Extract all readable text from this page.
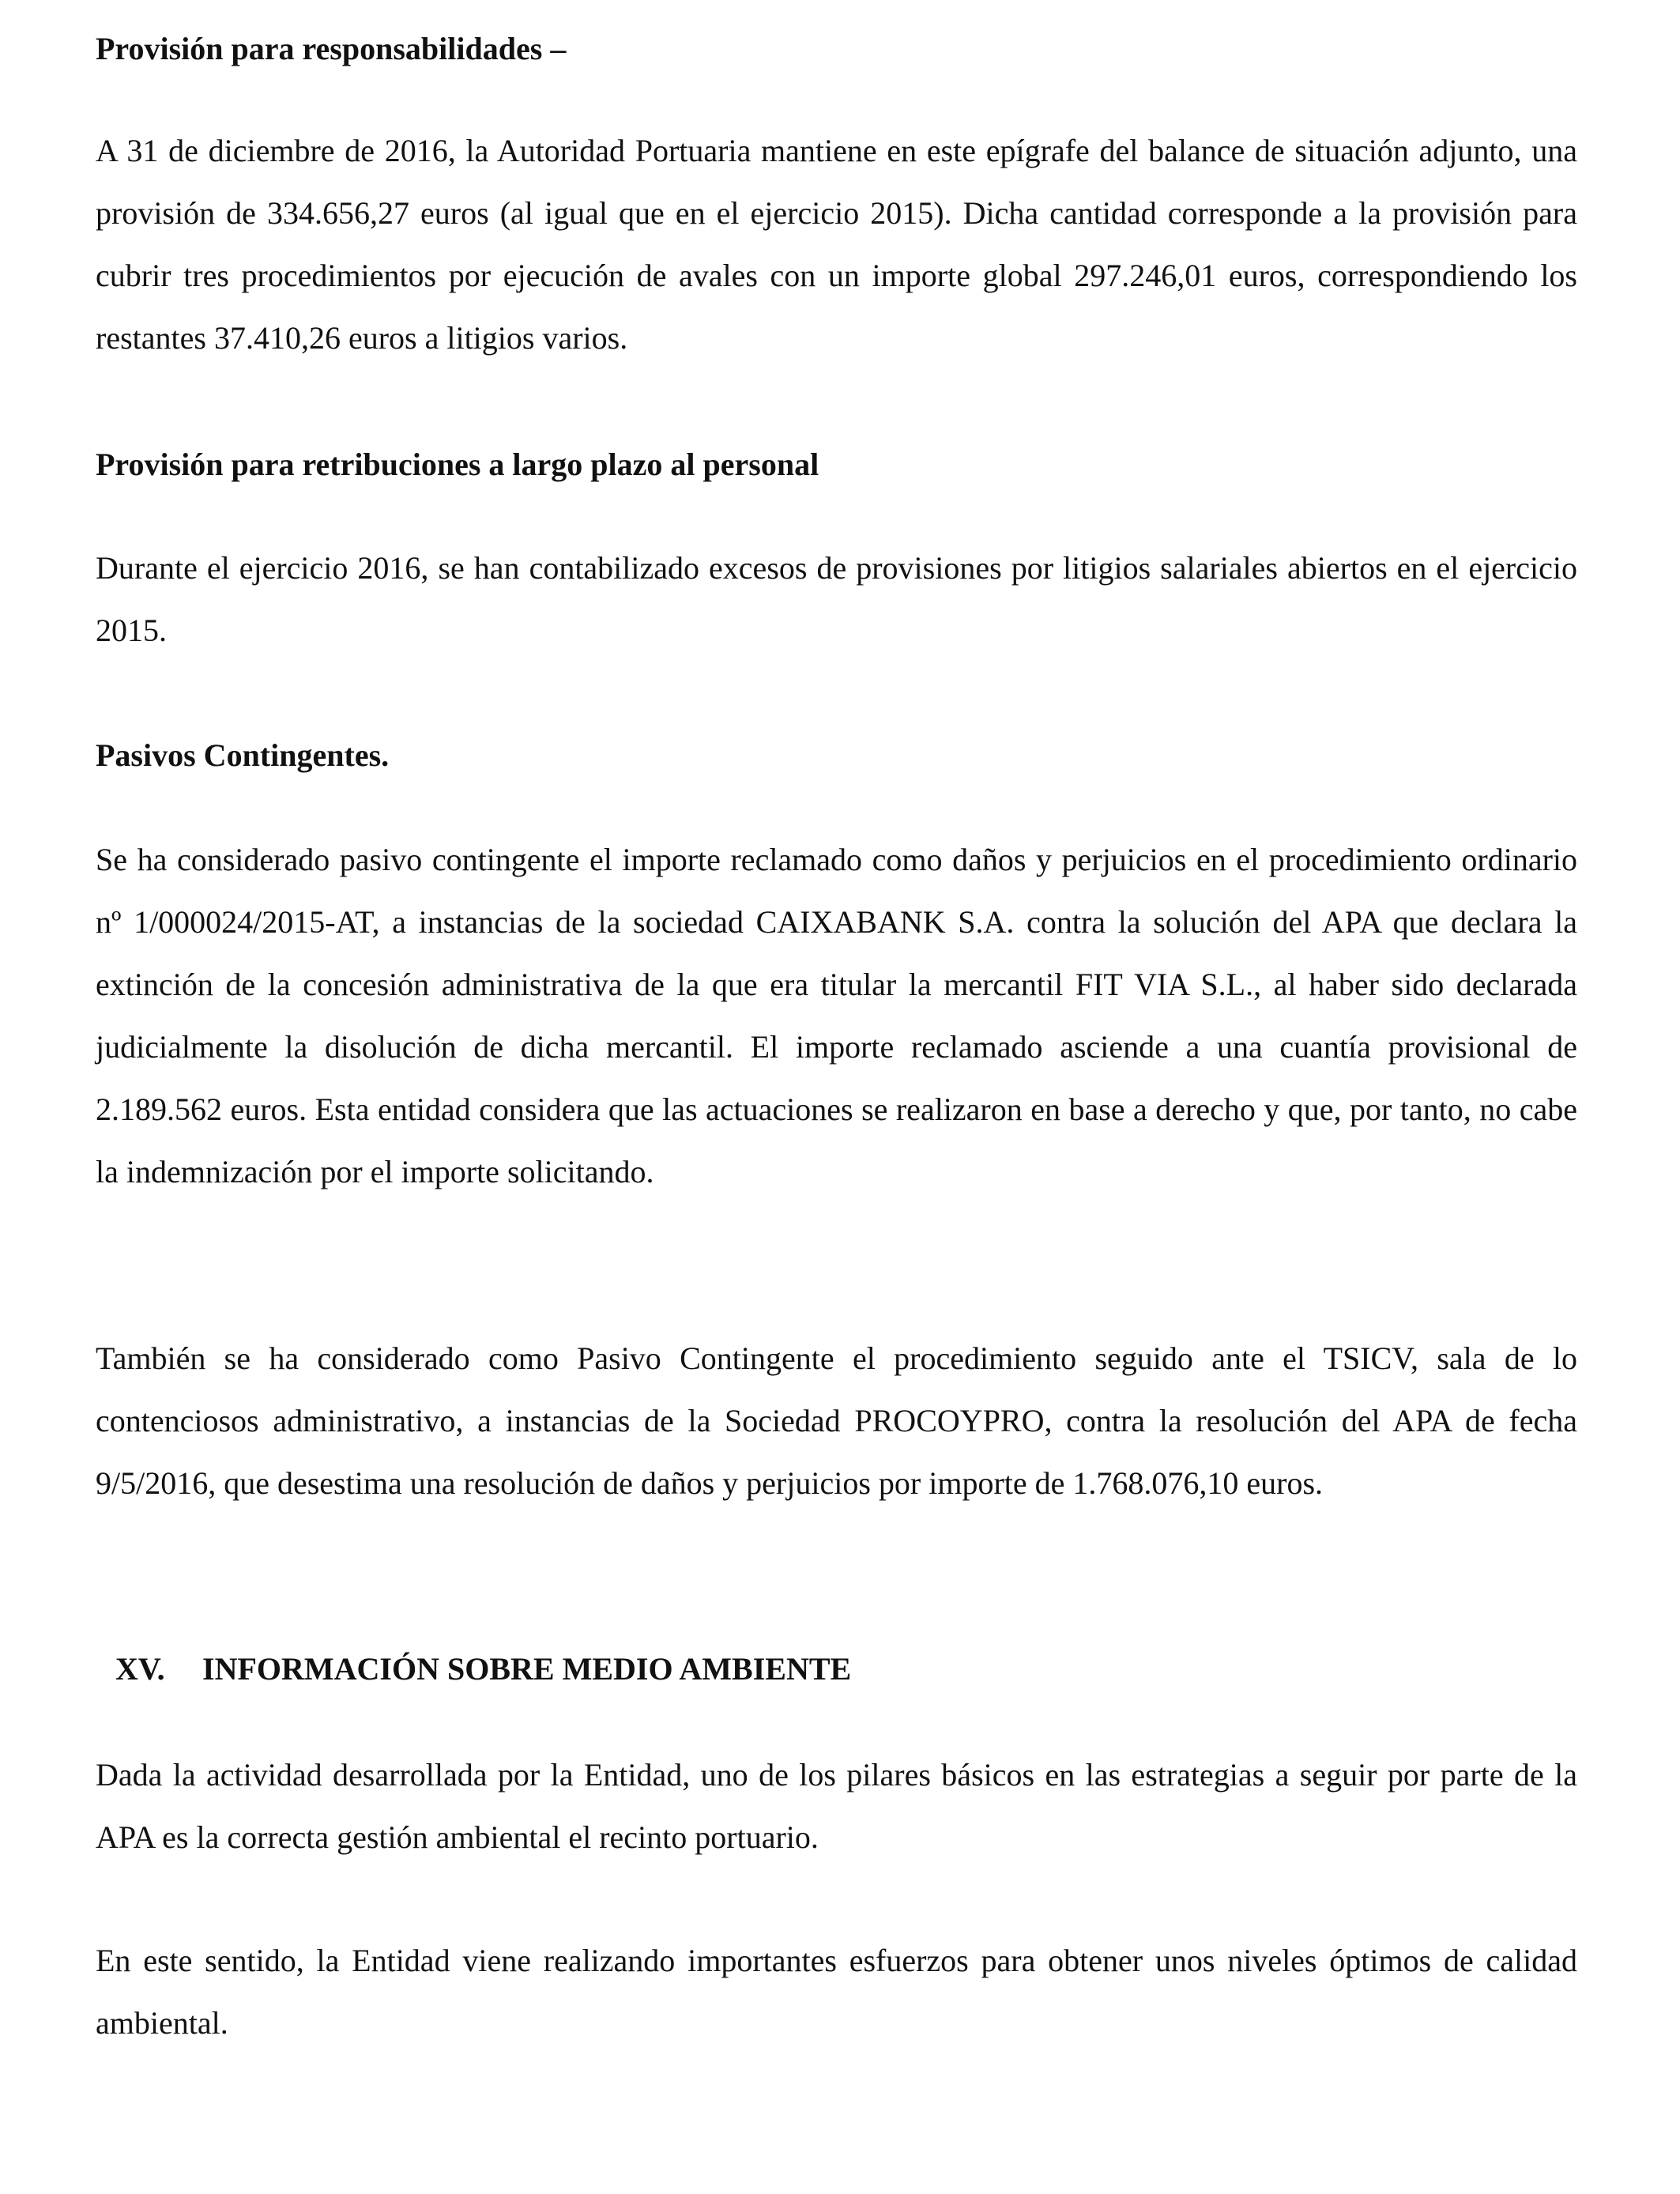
Provisión para responsabilidades –

A 31 de diciembre de 2016, la Autoridad Portuaria mantiene en este epígrafe del balance de situación adjunto, una provisión de 334.656,27 euros (al igual que en el ejercicio 2015). Dicha cantidad corresponde a la provisión para cubrir tres procedimientos por ejecución de avales con un importe global 297.246,01 euros, correspondiendo los restantes 37.410,26 euros a litigios varios.

Provisión para retribuciones a largo plazo al personal

Durante el ejercicio 2016, se han contabilizado excesos de provisiones por litigios salariales abiertos en el ejercicio 2015.

Pasivos Contingentes.

Se ha considerado pasivo contingente el importe reclamado como daños y perjuicios en el procedimiento ordinario nº 1/000024/2015-AT, a instancias de la sociedad CAIXABANK S.A. contra la solución del APA que declara la extinción de la concesión administrativa de la que era titular la mercantil FIT VIA S.L., al haber sido declarada judicialmente la disolución de dicha mercantil. El importe reclamado asciende a una cuantía provisional de 2.189.562 euros. Esta entidad considera que las actuaciones se realizaron en base a derecho y que, por tanto, no cabe la indemnización por el importe solicitando.

También se ha considerado como Pasivo Contingente el procedimiento seguido ante el TSICV, sala de lo contenciosos administrativo, a instancias de la Sociedad PROCOYPRO, contra la resolución del APA de fecha 9/5/2016, que desestima una resolución de daños y perjuicios por importe de 1.768.076,10 euros.

XV. INFORMACIÓN SOBRE MEDIO AMBIENTE

Dada la actividad desarrollada por la Entidad, uno de los pilares básicos en las estrategias a seguir por parte de la APA es la correcta gestión ambiental el recinto portuario.

En este sentido, la Entidad viene realizando importantes esfuerzos para obtener unos niveles óptimos de calidad ambiental.
